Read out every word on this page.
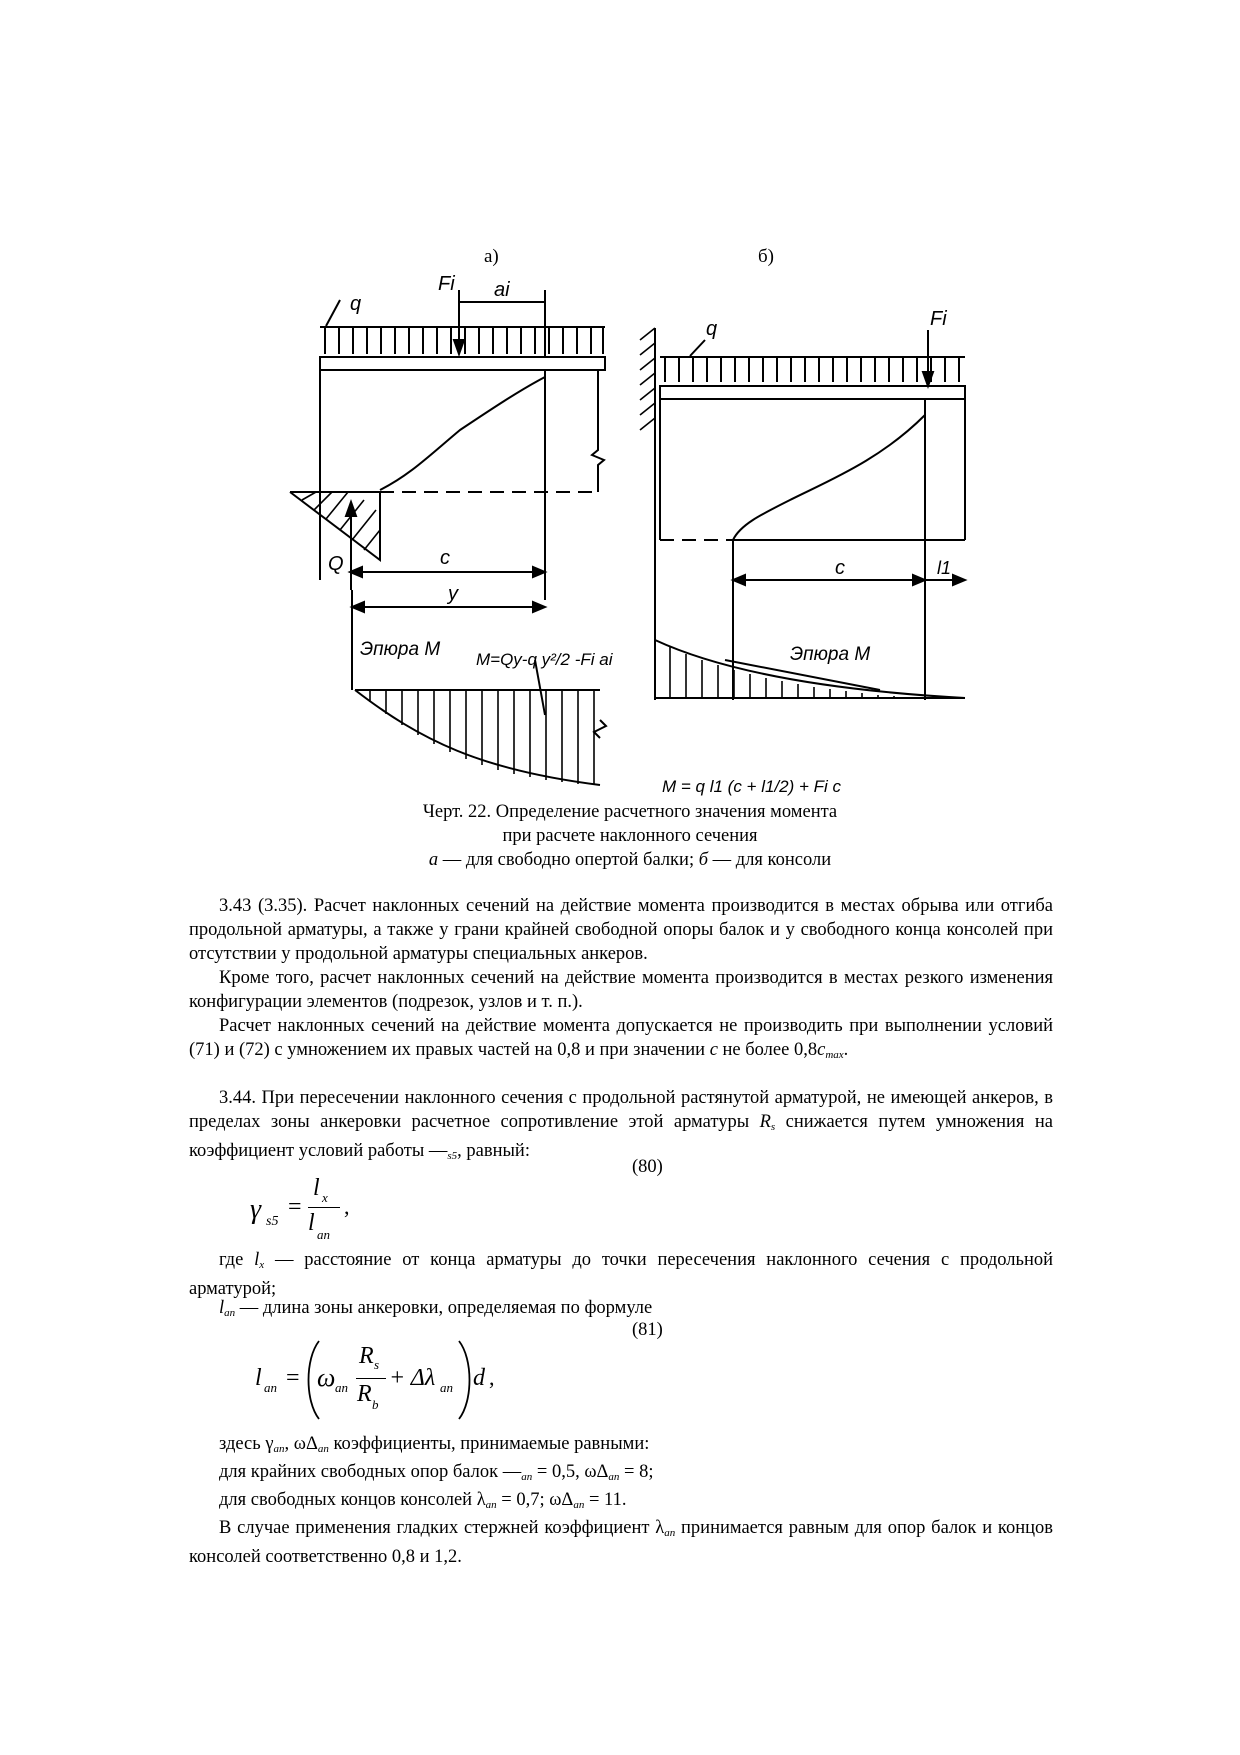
а)	б)
q
Fi ai
Q	c
y
Эпюра М M=Qy-q y²/2 -Fi ai
q	Fi
c	l1
Эпюра М
M = q l1 (c + l1/2) + Fi c
Черт. 22. Определение расчетного значения момента
при расчете наклонного сечения
а — для свободно опертой балки; б — для консоли

3.43 (3.35). Расчет наклонных сечений на действие момента производится в местах обрыва или отгиба продольной арматуры, а также у грани крайней свободной опоры балок и у свободного конца консолей при отсутствии у продольной арматуры специальных анкеров.

Кроме того, расчет наклонных сечений на действие момента производится в местах резкого изменения конфигурации элементов (подрезок, узлов и т. п.).

Расчет наклонных сечений на действие момента допускается не производить при выполнении условий (71) и (72) с умножением их правых частей на 0,8 и при значении c не более $0,8c_{max}$.

3.44. При пересечении наклонного сечения с продольной растянутой арматурой, не имеющей анкеров, в пределах зоны анкеровки расчетное сопротивление этой арматуры $R_s$ снижается путем умножения на коэффициент условий работы $—_{s5}$, равный:

(80)
γ s5
=
l x
l an
,

где $l_x$ — расстояние от конца арматуры до точки пересечения наклонного сечения с продольной арматурой;

$l_{an}$ — длина зоны анкеровки, определяемая по формуле
(81)
l an = ω an
R s
R b
+ Δλ an d ,
здесь $\gamma_{an}$, $\omega\Delta_{an}$ коэффициенты, принимаемые равными:
для крайних свободных опор балок $—_{an} = 0,5$, $\omega\Delta_{an} = 8$;
для свободных концов консолей $\lambda_{an} = 0,7$; $\omega\Delta_{an} = 11$.

В случае применения гладких стержней коэффициент $\lambda_{an}$ принимается равным для опор балок и концов консолей соответственно 0,8 и 1,2.
